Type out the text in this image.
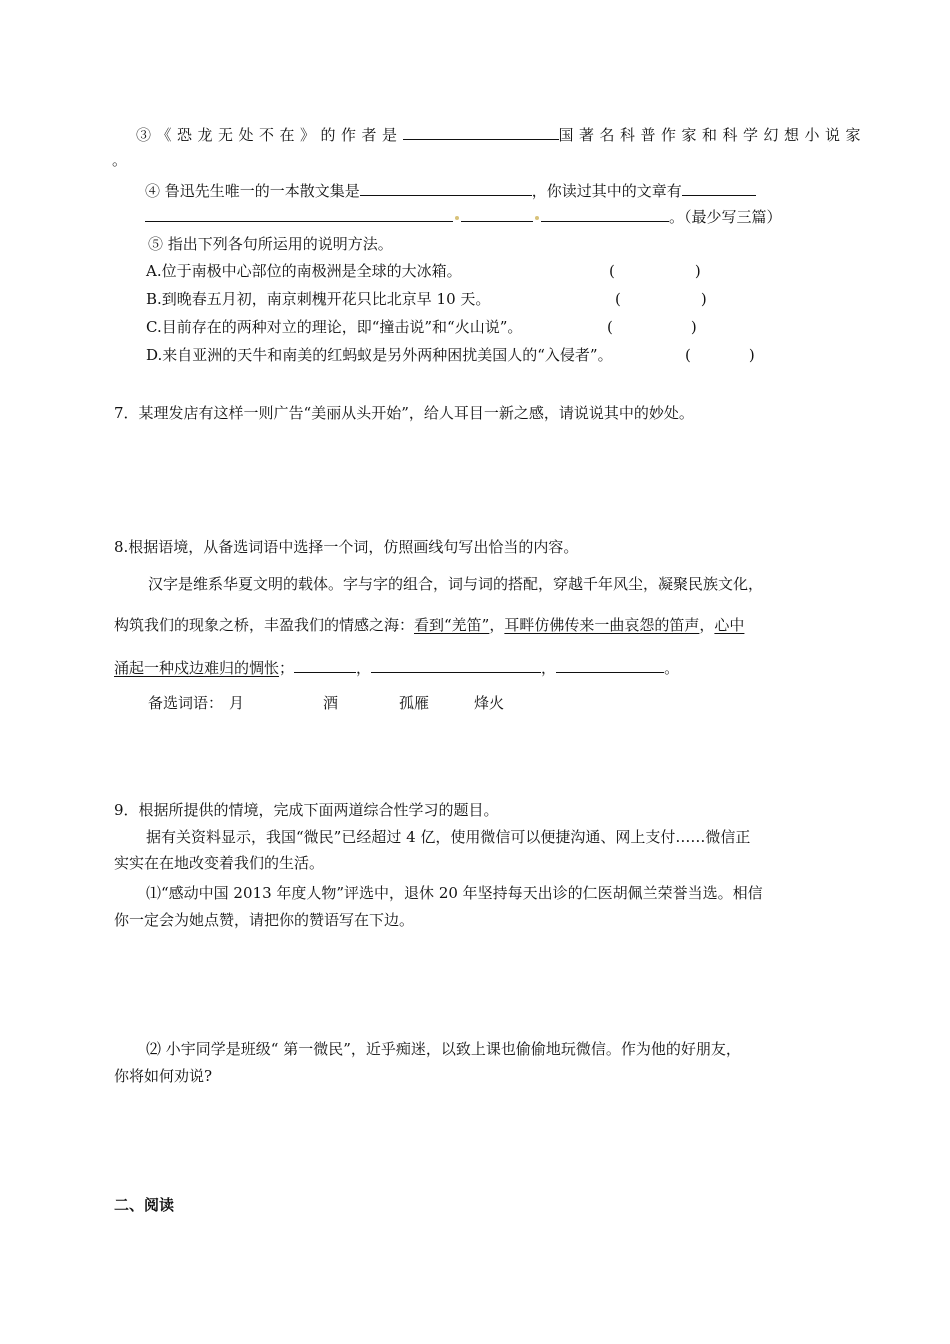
③《恐龙无处不在》的作者是	国著名科普作家和科学幻想小说家
。
④ 鲁迅先生唯一的一本散文集是	，你读过其中的文章有
。（最少写三篇）
⑤ 指出下列各句所运用的说明方法。
A.位于南极中心部位的南极洲是全球的大冰箱。	(	)
B.到晚春五月初，南京刺槐开花只比北京早 10 天。	(	)
C.目前存在的两种对立的理论，即“撞击说”和“火山说”。	(	)
D.来自亚洲的天牛和南美的红蚂蚁是另外两种困扰美国人的“入侵者”。	(	)
7．某理发店有这样一则广告“美丽从头开始”，给人耳目一新之感，请说说其中的妙处。
8.根据语境，从备选词语中选择一个词，仿照画线句写出恰当的内容。
汉字是维系华夏文明的载体。字与字的组合，词与词的搭配，穿越千年风尘，凝聚民族文化，
构筑我们的现象之桥，丰盈我们的情感之海：看到“羌笛”，耳畔仿佛传来一曲哀怨的笛声，心中
涌起一种戍边难归的惆怅；	，	，	。
备选词语： 月	酒	孤雁	烽火
9．根据所提供的情境，完成下面两道综合性学习的题目。
据有关资料显示，我国“微民”已经超过 4 亿，使用微信可以便捷沟通、网上支付……微信正
实实在在地改变着我们的生活。
⑴“感动中国 2013 年度人物”评选中，退休 20 年坚持每天出诊的仁医胡佩兰荣誉当选。相信
你一定会为她点赞，请把你的赞语写在下边。
⑵ 小宇同学是班级“ 第一微民”，近乎痴迷，以致上课也偷偷地玩微信。作为他的好朋友，
你将如何劝说?
二、阅读
